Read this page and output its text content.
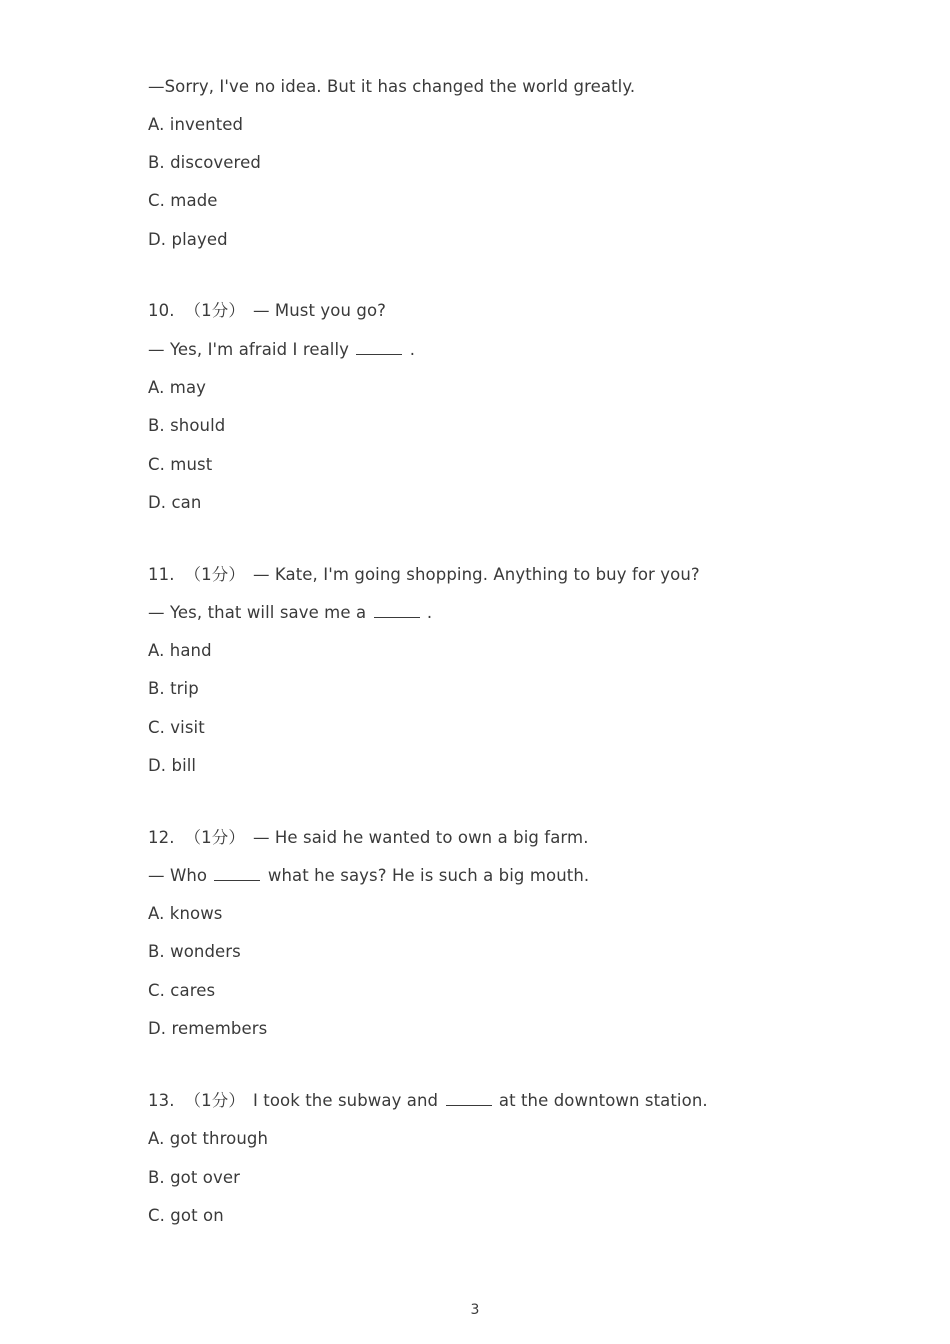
—Sorry, I've no idea. But it has changed the world greatly.
A. invented
B. discovered
C. made
D. played
10. （1分） — Must you go?
— Yes, I'm afraid I really	.
A. may
B. should
C. must
D. can
11. （1分） — Kate, I'm going shopping. Anything to buy for you?
— Yes, that will save me a	.
A. hand
B. trip
C. visit
D. bill
12. （1分） — He said he wanted to own a big farm.
— Who	what he says? He is such a big mouth.
A. knows
B. wonders
C. cares
D. remembers
13. （1分） I took the subway and	at the downtown station.
A. got through
B. got over
C. got on
3
